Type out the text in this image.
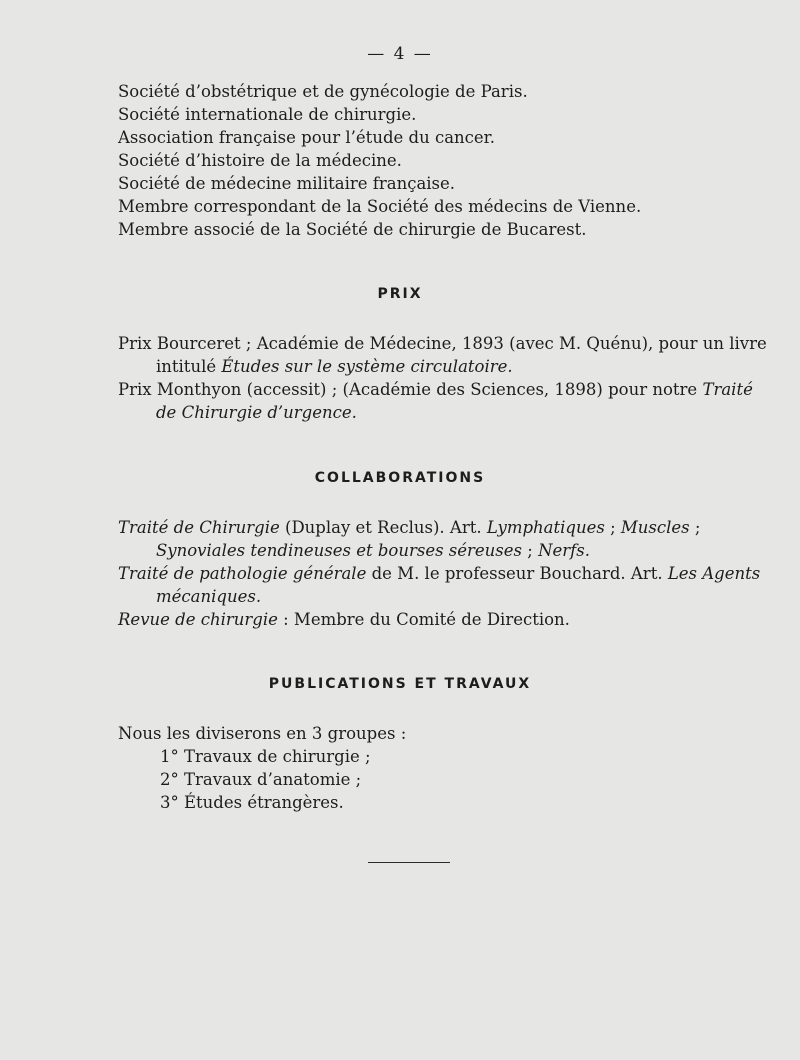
— 4 —
Société d’obstétrique et de gynécologie de Paris.
Société internationale de chirurgie.
Association française pour l’étude du cancer.
Société d’histoire de la médecine.
Société de médecine militaire française.
Membre correspondant de la Société des médecins de Vienne.
Membre associé de la Société de chirurgie de Bucarest.
PRIX
Prix Bourceret ; Académie de Médecine, 1893 (avec M. Quénu), pour un livre
intitulé Études sur le système circulatoire.
Prix Monthyon (accessit) ; (Académie des Sciences, 1898) pour notre Traité
de Chirurgie d’urgence.
COLLABORATIONS
Traité de Chirurgie (Duplay et Reclus). Art. Lymphatiques ; Muscles ;
Synoviales tendineuses et bourses séreuses ; Nerfs.
Traité de pathologie générale de M. le professeur Bouchard. Art. Les Agents
mécaniques.
Revue de chirurgie : Membre du Comité de Direction.
PUBLICATIONS ET TRAVAUX
Nous les diviserons en 3 groupes :
1° Travaux de chirurgie ;
2° Travaux d’anatomie ;
3° Études étrangères.
